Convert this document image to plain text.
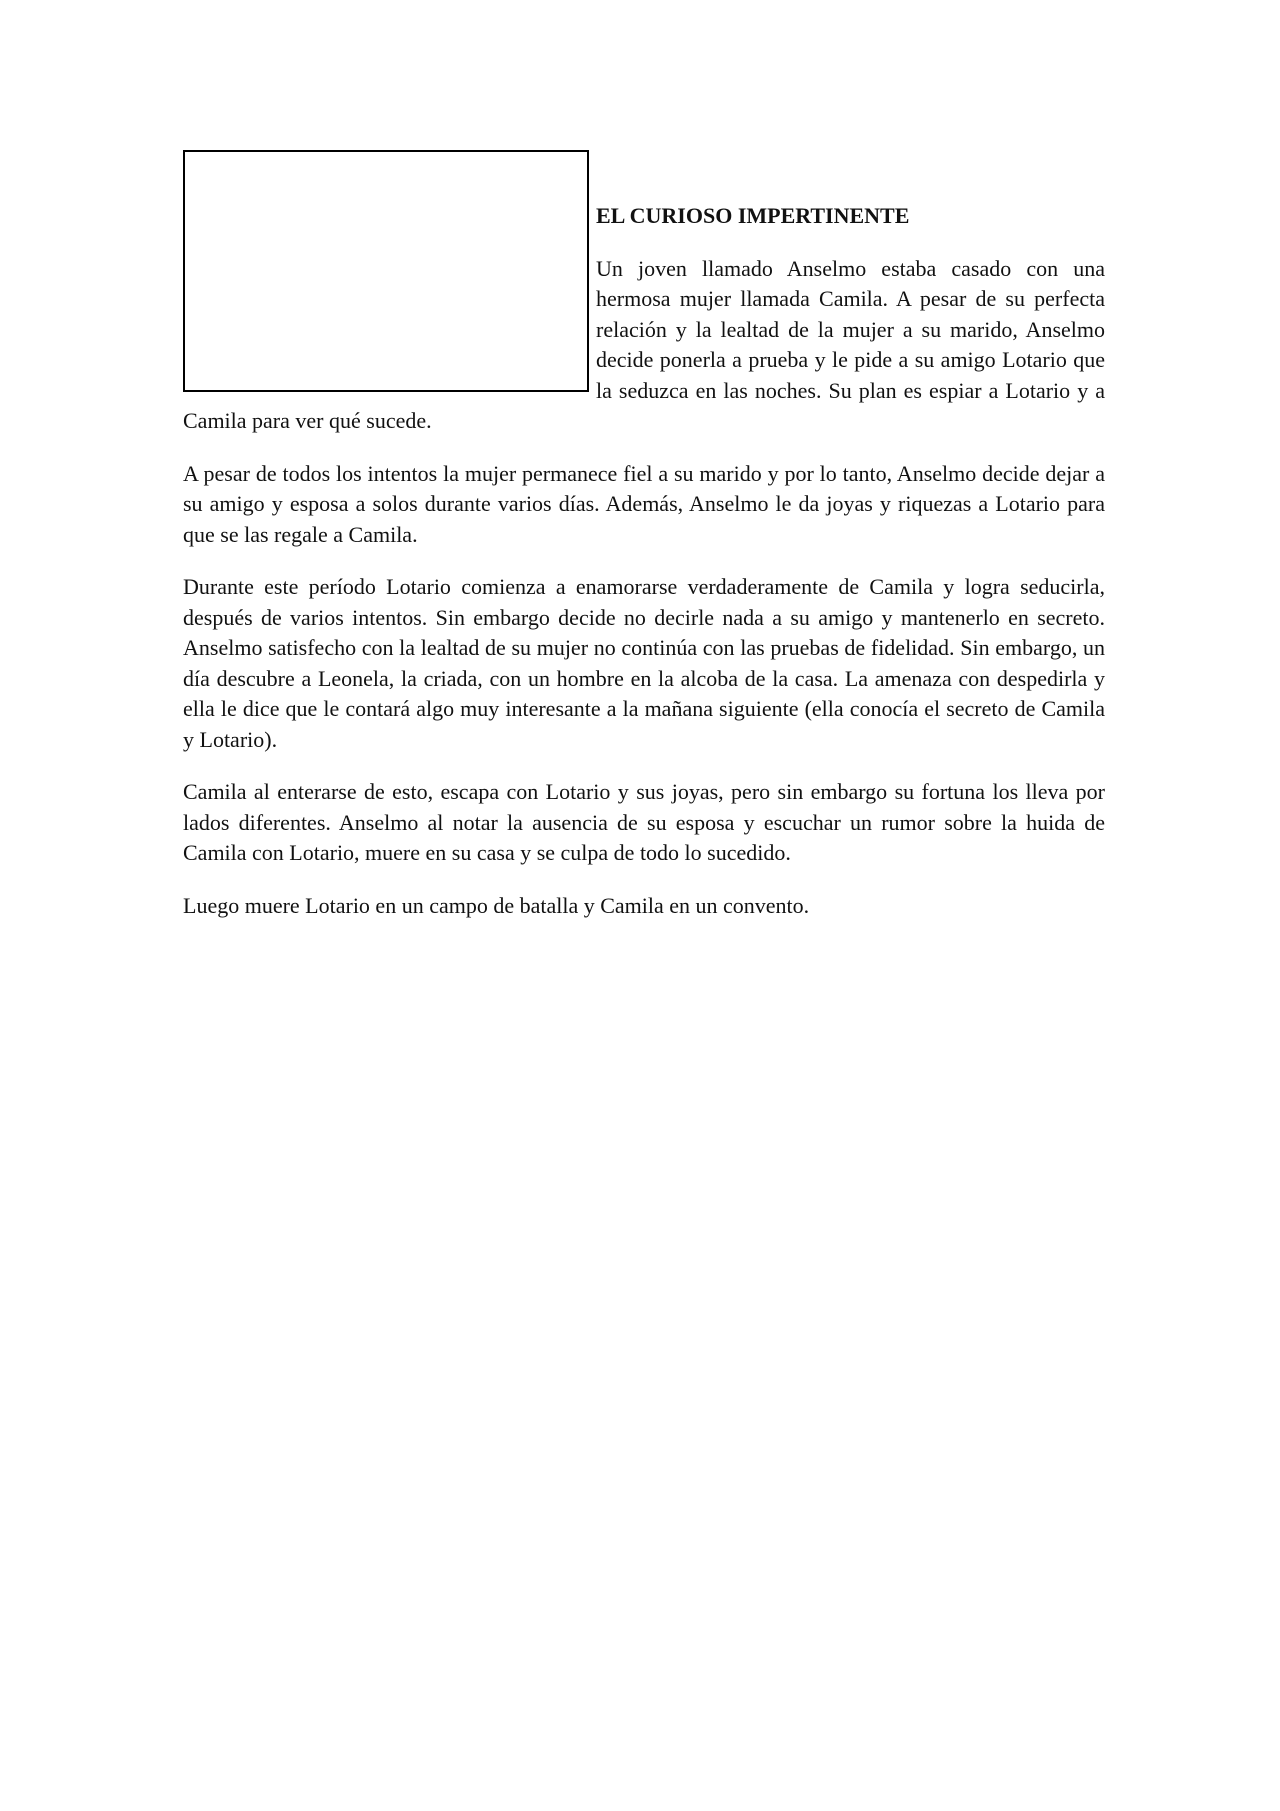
EL CURIOSO IMPERTINENTE

Un joven llamado Anselmo estaba casado con una hermosa mujer llamada Camila. A pesar de su perfecta relación y la lealtad de la mujer a su marido, Anselmo decide ponerla a prueba y le pide a su amigo Lotario que la seduzca en las noches. Su plan es espiar a Lotario y a Camila para ver qué sucede.

A pesar de todos los intentos la mujer permanece fiel a su marido y por lo tanto, Anselmo decide dejar a su amigo y esposa a solos durante varios días. Además, Anselmo le da joyas y riquezas a Lotario para que se las regale a Camila.

Durante este período Lotario comienza a enamorarse verdaderamente de Camila y logra seducirla, después de varios intentos. Sin embargo decide no decirle nada a su amigo y mantenerlo en secreto. Anselmo satisfecho con la lealtad de su mujer no continúa con las pruebas de fidelidad. Sin embargo, un día descubre a Leonela, la criada, con un hombre en la alcoba de la casa. La amenaza con despedirla y ella le dice que le contará algo muy interesante a la mañana siguiente (ella conocía el secreto de Camila y Lotario).

Camila al enterarse de esto, escapa con Lotario y sus joyas, pero sin embargo su fortuna los lleva por lados diferentes. Anselmo al notar la ausencia de su esposa y escuchar un rumor sobre la huida de Camila con Lotario, muere en su casa y se culpa de todo lo sucedido.

Luego muere Lotario en un campo de batalla y Camila en un convento.
